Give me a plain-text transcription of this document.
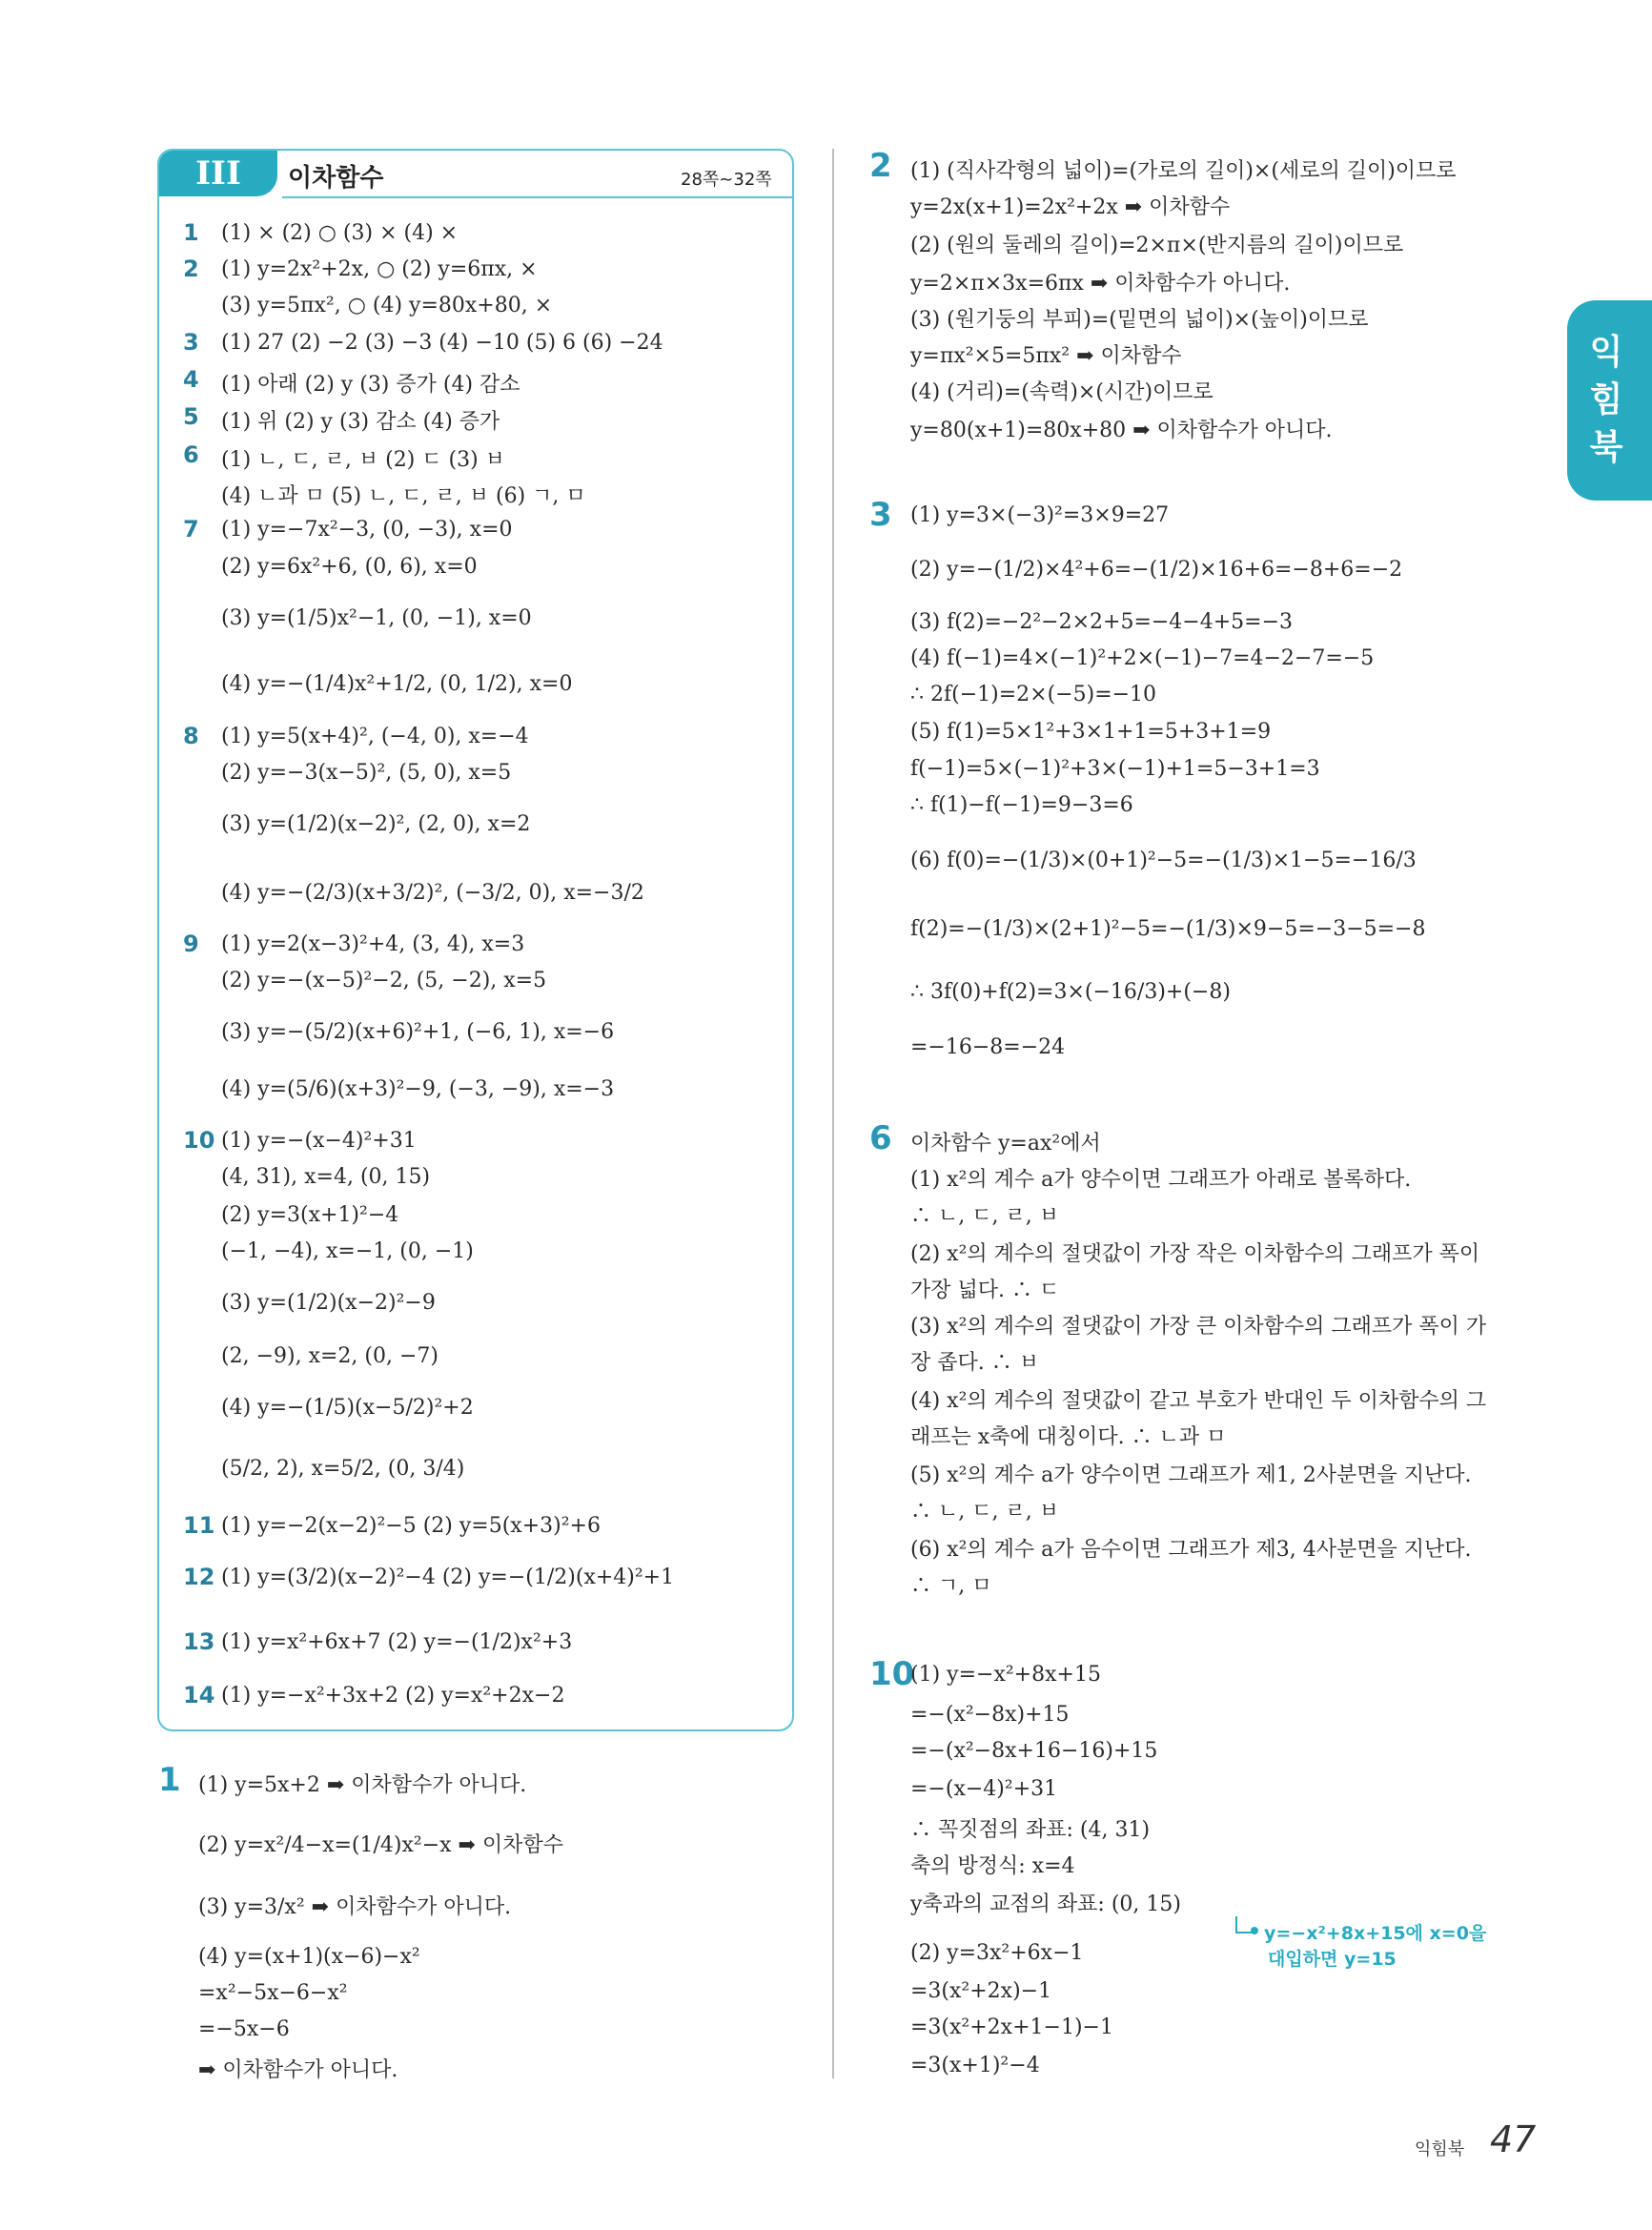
III	이차함수	28쪽~32쪽
1 (1) × (2) ○ (3) × (4) ×
2 (1) y=2x²+2x, ○ (2) y=6πx, ×
(3) y=5πx², ○ (4) y=80x+80, ×
3 (1) 27 (2) −2 (3) −3 (4) −10 (5) 6 (6) −24
4 (1) 아래 (2) y (3) 증가 (4) 감소
5 (1) 위 (2) y (3) 감소 (4) 증가
6 (1) ㄴ, ㄷ, ㄹ, ㅂ (2) ㄷ (3) ㅂ
(4) ㄴ과 ㅁ (5) ㄴ, ㄷ, ㄹ, ㅂ (6) ㄱ, ㅁ
7 (1) y=−7x²−3, (0, −3), x=0
(2) y=6x²+6, (0, 6), x=0
(3) y=(1/5)x²−1, (0, −1), x=0
(4) y=−(1/4)x²+1/2, (0, 1/2), x=0
8 (1) y=5(x+4)², (−4, 0), x=−4
(2) y=−3(x−5)², (5, 0), x=5
(3) y=(1/2)(x−2)², (2, 0), x=2
(4) y=−(2/3)(x+3/2)², (−3/2, 0), x=−3/2
9 (1) y=2(x−3)²+4, (3, 4), x=3
(2) y=−(x−5)²−2, (5, −2), x=5
(3) y=−(5/2)(x+6)²+1, (−6, 1), x=−6
(4) y=(5/6)(x+3)²−9, (−3, −9), x=−3
10 (1) y=−(x−4)²+31
(4, 31), x=4, (0, 15)
(2) y=3(x+1)²−4
(−1, −4), x=−1, (0, −1)
(3) y=(1/2)(x−2)²−9
(2, −9), x=2, (0, −7)
(4) y=−(1/5)(x−5/2)²+2
(5/2, 2), x=5/2, (0, 3/4)
11 (1) y=−2(x−2)²−5 (2) y=5(x+3)²+6
12 (1) y=(3/2)(x−2)²−4 (2) y=−(1/2)(x+4)²+1
13 (1) y=x²+6x+7 (2) y=−(1/2)x²+3
14 (1) y=−x²+3x+2 (2) y=x²+2x−2
1 (1) y=5x+2 ➡ 이차함수가 아니다.
(2) y=x²/4−x=(1/4)x²−x ➡ 이차함수
(3) y=3/x² ➡ 이차함수가 아니다.
(4) y=(x+1)(x−6)−x²
=x²−5x−6−x²
=−5x−6
➡ 이차함수가 아니다.
2 (1) (직사각형의 넓이)=(가로의 길이)×(세로의 길이)이므로
y=2x(x+1)=2x²+2x ➡ 이차함수
(2) (원의 둘레의 길이)=2×π×(반지름의 길이)이므로
y=2×π×3x=6πx ➡ 이차함수가 아니다.
(3) (원기둥의 부피)=(밑면의 넓이)×(높이)이므로
y=πx²×5=5πx² ➡ 이차함수
(4) (거리)=(속력)×(시간)이므로
y=80(x+1)=80x+80 ➡ 이차함수가 아니다.
3 (1) y=3×(−3)²=3×9=27
(2) y=−(1/2)×4²+6=−(1/2)×16+6=−8+6=−2
(3) f(2)=−2²−2×2+5=−4−4+5=−3
(4) f(−1)=4×(−1)²+2×(−1)−7=4−2−7=−5
∴ 2f(−1)=2×(−5)=−10
(5) f(1)=5×1²+3×1+1=5+3+1=9
f(−1)=5×(−1)²+3×(−1)+1=5−3+1=3
∴ f(1)−f(−1)=9−3=6
(6) f(0)=−(1/3)×(0+1)²−5=−(1/3)×1−5=−16/3
f(2)=−(1/3)×(2+1)²−5=−(1/3)×9−5=−3−5=−8
∴ 3f(0)+f(2)=3×(−16/3)+(−8)
=−16−8=−24
6 이차함수 y=ax²에서
(1) x²의 계수 a가 양수이면 그래프가 아래로 볼록하다.
∴ ㄴ, ㄷ, ㄹ, ㅂ
(2) x²의 계수의 절댓값이 가장 작은 이차함수의 그래프가 폭이
가장 넓다. ∴ ㄷ
(3) x²의 계수의 절댓값이 가장 큰 이차함수의 그래프가 폭이 가
장 좁다. ∴ ㅂ
(4) x²의 계수의 절댓값이 같고 부호가 반대인 두 이차함수의 그
래프는 x축에 대칭이다. ∴ ㄴ과 ㅁ
(5) x²의 계수 a가 양수이면 그래프가 제1, 2사분면을 지난다.
∴ ㄴ, ㄷ, ㄹ, ㅂ
(6) x²의 계수 a가 음수이면 그래프가 제3, 4사분면을 지난다.
∴ ㄱ, ㅁ
10
(1) y=−x²+8x+15
=−(x²−8x)+15
=−(x²−8x+16−16)+15
=−(x−4)²+31
∴ 꼭짓점의 좌표: (4, 31)
축의 방정식: x=4
y축과의 교점의 좌표: (0, 15)
(2) y=3x²+6x−1
=3(x²+2x)−1
=3(x²+2x+1−1)−1
=3(x+1)²−4
익힘북
y=−x²+8x+15에 x=0을
대입하면 y=15
익힘북 47
